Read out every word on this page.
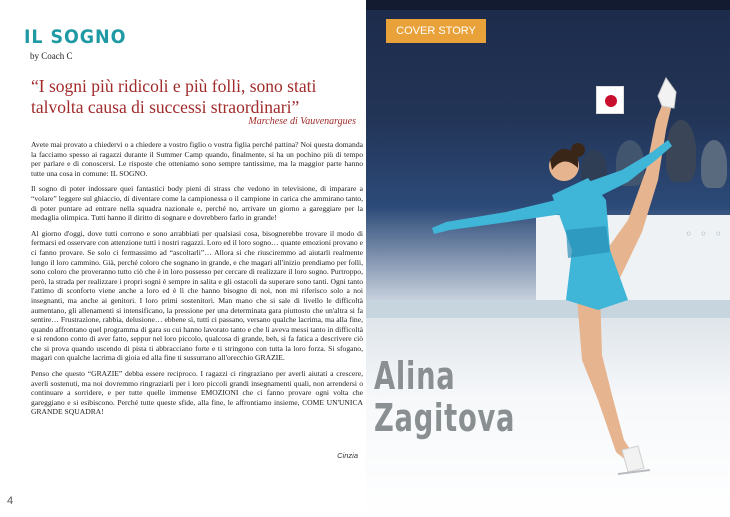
IL SOGNO
by Coach C
“I sogni più ridicoli e più folli, sono stati talvolta causa di successi straordinari”
Marchese di Vauvenargues

Avete mai provato a chiedervi o a chiedere a vostro figlio o vostra figlia perché pattina? Noi questa domanda la facciamo spesso ai ragazzi durante il Summer Camp quando, finalmente, si ha un pochino più di tempo per parlare e di conoscersi. Le risposte che otteniamo sono sempre tantissime, ma la maggior parte hanno tutte una cosa in comune: IL SOGNO.

Il sogno di poter indossare quei fantastici body pieni di strass che vedono in televisione, di imparare a “volare” leggere sul ghiaccio, di diventare come la campionessa o il campione in carica che ammirano tanto, di poter puntare ad entrare nella squadra nazionale e, perché no, arrivare un giorno a gareggiare per la medaglia olimpica. Tutti hanno il diritto di sognare e dovrebbero farlo in grande!

Al giorno d'oggi, dove tutti corrono e sono arrabbiati per qualsiasi cosa, bisognerebbe trovare il modo di fermarsi ed osservare con attenzione tutti i nostri ragazzi. Loro ed il loro sogno… quante emozioni provano e ci fanno provare. Se solo ci fermassimo ad “ascoltarli”… Allora si che riusciremmo ad aiutarli realmente lungo il loro cammino. Già, perché coloro che sognano in grande, e che magari all'inizio prendiamo per folli, sono coloro che proveranno tutto ciò che è in loro possesso per cercare di realizzare il loro sogno. Purtroppo, però, la strada per realizzare i propri sogni è sempre in salita e gli ostacoli da superare sono tanti. Ogni tanto l'attimo di sconforto viene anche a loro ed è lì che hanno bisogno di noi, non mi riferisco solo a noi insegnanti, ma anche ai genitori. I loro primi sostenitori. Man mano che si sale di livello le difficoltà aumentano, gli allenamenti si intensificano, la pressione per una determinata gara piuttosto che un'altra si fa sentire… Frustrazione, rabbia, delusione… ebbene sì, tutti ci passano, versano qualche lacrima, ma alla fine, quando affrontano quel programma di gara su cui hanno lavorato tanto e che li aveva messi tanto in difficoltà e si rendono conto di aver fatto, seppur nel loro piccolo, qualcosa di grande, beh, si fa fatica a descrivere ciò che si prova quando uscendo di pista ti abbracciano forte e ti stringono con tutta la loro forza. Si sfogano, magari con qualche lacrima di gioia ed alla fine ti sussurrano all'orecchio GRAZIE.

Penso che questo “GRAZIE” debba essere reciproco. I ragazzi ci ringraziano per averli aiutati a crescere, averli sostenuti, ma noi dovremmo ringraziarli per i loro piccoli grandi insegnamenti quali, non arrendersi o continuare a sorridere, e per tutte quelle immense EMOZIONI che ci fanno provare ogni volta che gareggiano e si esibiscono. Perché tutte queste sfide, alla fine, le affrontiamo insieme, COME UN'UNICA GRANDE SQUADRA!

Cinzia
4
◦ ◦ ◦
COVER STORY
Alina
Zagitova
